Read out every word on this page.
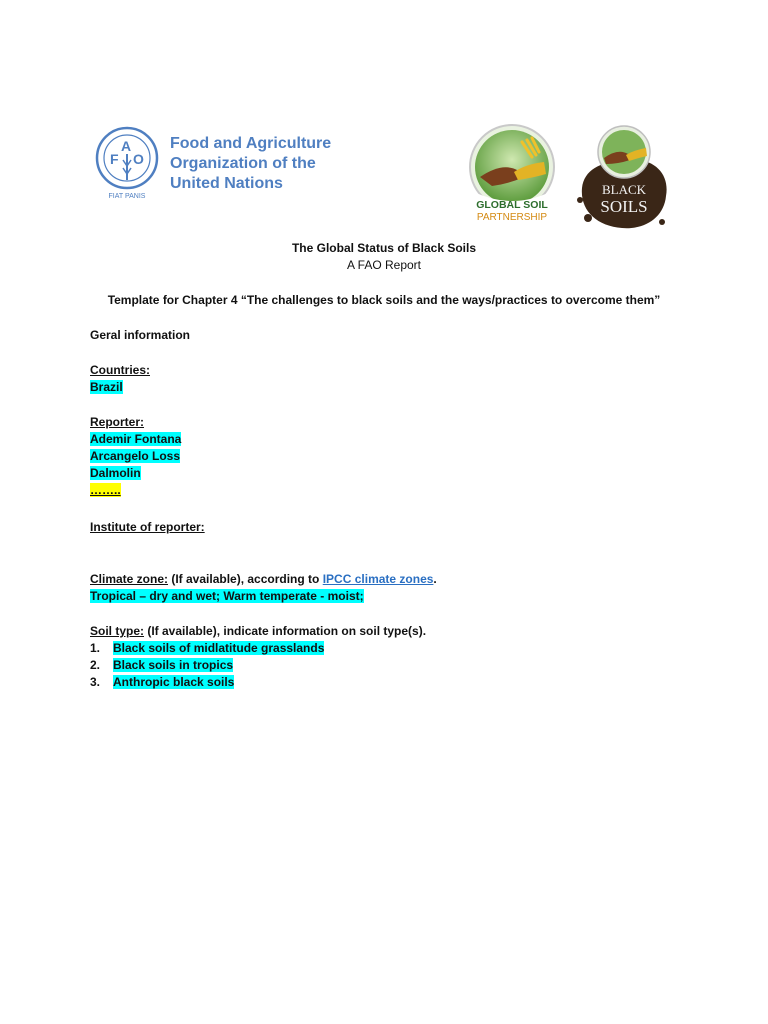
F
A
O
FIAT PANIS
Food and Agriculture
Organization of the
United Nations
GLOBAL SOIL
PARTNERSHIP
BLACK
SOILS
The Global Status of Black Soils
A FAO Report
Template for Chapter 4 “The challenges to black soils and the ways/practices to overcome them”
Geral information
Countries:
Brazil
Reporter:
Ademir Fontana
Arcangelo Loss
Dalmolin
……..
Institute of reporter:
Climate zone: (If available), according to IPCC climate zones.
Tropical – dry and wet; Warm temperate - moist;
Soil type: (If available), indicate information on soil type(s).
1. Black soils of midlatitude grasslands
2. Black soils in tropics
3. Anthropic black soils
